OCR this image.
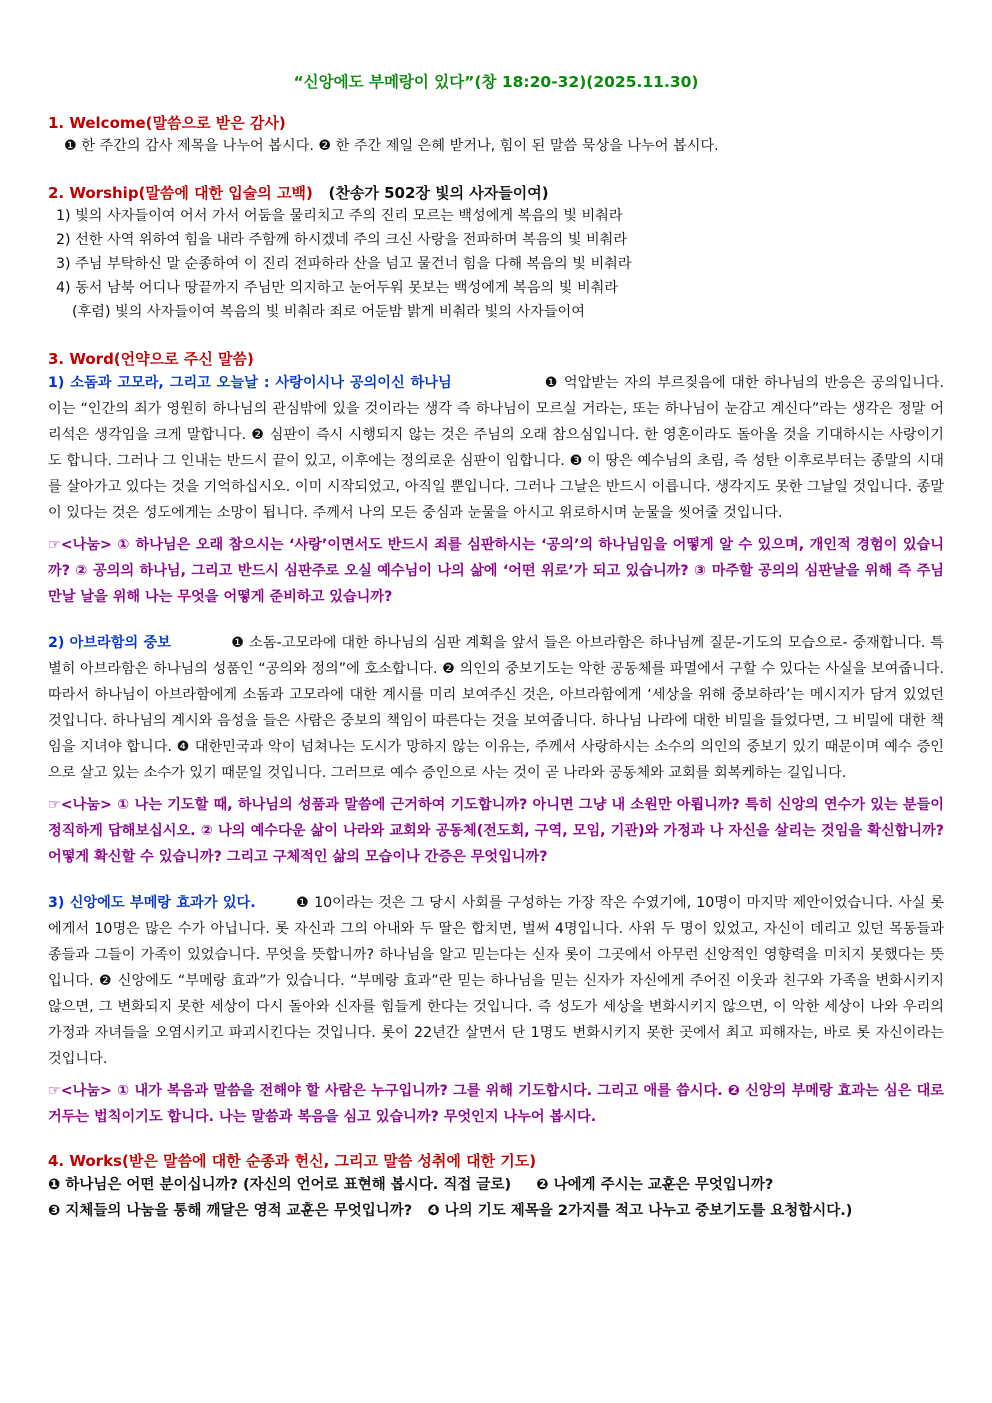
“신앙에도 부메랑이 있다”(창 18:20-32)(2025.11.30)
1. Welcome(말씀으로 받은 감사)
❶ 한 주간의 감사 제목을 나누어 봅시다. ❷ 한 주간 제일 은혜 받거나, 힘이 된 말씀 묵상을 나누어 봅시다.
2. Worship(말씀에 대한 입술의 고백) (찬송가 502장 빛의 사자들이여)
1) 빛의 사자들이여 어서 가서 어둠을 물리치고 주의 진리 모르는 백성에게 복음의 빛 비춰라
2) 선한 사역 위하여 힘을 내라 주함께 하시겠네 주의 크신 사랑을 전파하며 복음의 빛 비춰라
3) 주님 부탁하신 말 순종하여 이 진리 전파하라 산을 넘고 물건너 힘을 다해 복음의 빛 비춰라
4) 동서 남북 어디나 땅끝까지 주님만 의지하고 눈어두워 못보는 백성에게 복음의 빛 비춰라
(후렴) 빛의 사자들이여 복음의 빛 비춰라 죄로 어둔밤 밝게 비춰라 빛의 사자들이여
3. Word(언약으로 주신 말씀)
1) 소돔과 고모라, 그리고 오늘날 : 사랑이시나 공의이신 하나님	❶ 억압받는 자의 부르짖음에 대한 하나님의 반응은 공의입니다. 이는 “인간의 죄가 영원히 하나님의 관심밖에 있을 것이라는 생각 즉 하나님이 모르실 거라는, 또는 하나님이 눈감고 계신다”라는 생각은 정말 어리석은 생각임을 크게 말합니다. ❷ 심판이 즉시 시행되지 않는 것은 주님의 오래 참으심입니다. 한 영혼이라도 돌아올 것을 기대하시는 사랑이기도 합니다. 그러나 그 인내는 반드시 끝이 있고, 이후에는 정의로운 심판이 임합니다. ❸ 이 땅은 예수님의 초림, 즉 성탄 이후로부터는 종말의 시대를 살아가고 있다는 것을 기억하십시오. 이미 시작되었고, 아직일 뿐입니다. 그러나 그날은 반드시 이릅니다. 생각지도 못한 그날일 것입니다. 종말이 있다는 것은 성도에게는 소망이 됩니다. 주께서 나의 모든 중심과 눈물을 아시고 위로하시며 눈물을 씻어줄 것입니다.
☞<나눔> ① 하나님은 오래 참으시는 ‘사랑’이면서도 반드시 죄를 심판하시는 ‘공의’의 하나님임을 어떻게 알 수 있으며, 개인적 경험이 있습니까? ② 공의의 하나님, 그리고 반드시 심판주로 오실 예수님이 나의 삶에 ‘어떤 위로’가 되고 있습니까? ③ 마주할 공의의 심판날을 위해 즉 주님 만날 날을 위해 나는 무엇을 어떻게 준비하고 있습니까?
2) 아브라함의 중보	❶ 소돔-고모라에 대한 하나님의 심판 계획을 앞서 들은 아브라함은 하나님께 질문-기도의 모습으로- 중재합니다. 특별히 아브라함은 하나님의 성품인 “공의와 정의”에 호소합니다. ❷ 의인의 중보기도는 악한 공동체를 파멸에서 구할 수 있다는 사실을 보여줍니다. 따라서 하나님이 아브라함에게 소돔과 고모라에 대한 계시를 미리 보여주신 것은, 아브라함에게 ‘세상을 위해 중보하라’는 메시지가 담겨 있었던 것입니다. 하나님의 계시와 음성을 들은 사람은 중보의 책임이 따른다는 것을 보여줍니다. 하나님 나라에 대한 비밀을 들었다면, 그 비밀에 대한 책임을 지녀야 합니다. ❹ 대한민국과 악이 넘쳐나는 도시가 망하지 않는 이유는, 주께서 사랑하시는 소수의 의인의 중보기 있기 때문이며 예수 증인으로 살고 있는 소수가 있기 때문일 것입니다. 그러므로 예수 증인으로 사는 것이 곧 나라와 공동체와 교회를 회복케하는 길입니다.
☞<나눔> ① 나는 기도할 때, 하나님의 성품과 말씀에 근거하여 기도합니까? 아니면 그냥 내 소원만 아룁니까? 특히 신앙의 연수가 있는 분들이 정직하게 답해보십시오. ② 나의 예수다운 삶이 나라와 교회와 공동체(전도회, 구역, 모임, 기관)와 가정과 나 자신을 살리는 것임을 확신합니까? 어떻게 확신할 수 있습니까? 그리고 구체적인 삶의 모습이나 간증은 무엇입니까?
3) 신앙에도 부메랑 효과가 있다.	❶ 10이라는 것은 그 당시 사회를 구성하는 가장 작은 수였기에, 10명이 마지막 제안이었습니다. 사실 롯에게서 10명은 많은 수가 아닙니다. 롯 자신과 그의 아내와 두 딸은 합치면, 벌써 4명입니다. 사위 두 명이 있었고, 자신이 데리고 있던 목동들과 종들과 그들이 가족이 있었습니다. 무엇을 뜻합니까? 하나님을 알고 믿는다는 신자 롯이 그곳에서 아무런 신앙적인 영향력을 미치지 못했다는 뜻입니다. ❷ 신앙에도 “부메랑 효과”가 있습니다. “부메랑 효과”란 믿는 하나님을 믿는 신자가 자신에게 주어진 이웃과 친구와 가족을 변화시키지 않으면, 그 변화되지 못한 세상이 다시 돌아와 신자를 힘들게 한다는 것입니다. 즉 성도가 세상을 변화시키지 않으면, 이 악한 세상이 나와 우리의 가정과 자녀들을 오염시키고 파괴시킨다는 것입니다. 롯이 22년간 살면서 단 1명도 변화시키지 못한 곳에서 최고 피해자는, 바로 롯 자신이라는 것입니다.
☞<나눔> ① 내가 복음과 말씀을 전해야 할 사람은 누구입니까? 그를 위해 기도합시다. 그리고 애를 씁시다. ❷ 신앙의 부메랑 효과는 심은 대로 거두는 법칙이기도 합니다. 나는 말씀과 복음을 심고 있습니까? 무엇인지 나누어 봅시다.
4. Works(받은 말씀에 대한 순종과 헌신, 그리고 말씀 성취에 대한 기도)
❶ 하나님은 어떤 분이십니까? (자신의 언어로 표현해 봅시다. 직접 글로) ❷ 나에게 주시는 교훈은 무엇입니까?
❸ 지체들의 나눔을 통해 깨달은 영적 교훈은 무엇입니까? ❹ 나의 기도 제목을 2가지를 적고 나누고 중보기도를 요청합시다.)
